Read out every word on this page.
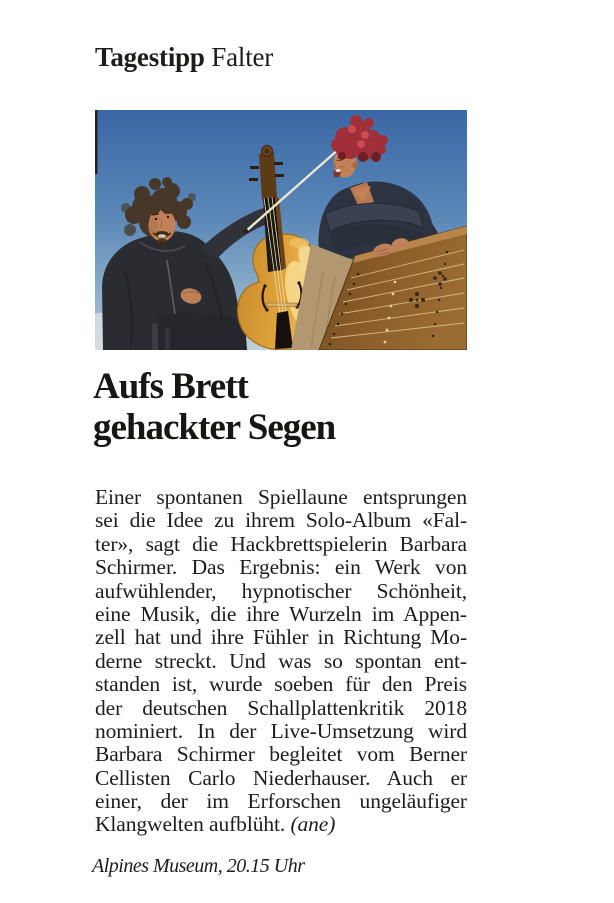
Tagestipp Falter
Aufs Brett
gehackter Segen
Einer spontanen Spiellaune entsprungen
sei die Idee zu ihrem Solo-Album «Fal-
ter», sagt die Hackbrettspielerin Barbara
Schirmer. Das Ergebnis: ein Werk von
aufwühlender, hypnotischer Schönheit,
eine Musik, die ihre Wurzeln im Appen-
zell hat und ihre Fühler in Richtung Mo-
derne streckt. Und was so spontan ent-
standen ist, wurde soeben für den Preis
der deutschen Schallplattenkritik 2018
nominiert. In der Live-Umsetzung wird
Barbara Schirmer begleitet vom Berner
Cellisten Carlo Niederhauser. Auch er
einer, der im Erforschen ungeläufiger
Klangwelten aufblüht. (ane)
Alpines Museum, 20.15 Uhr
